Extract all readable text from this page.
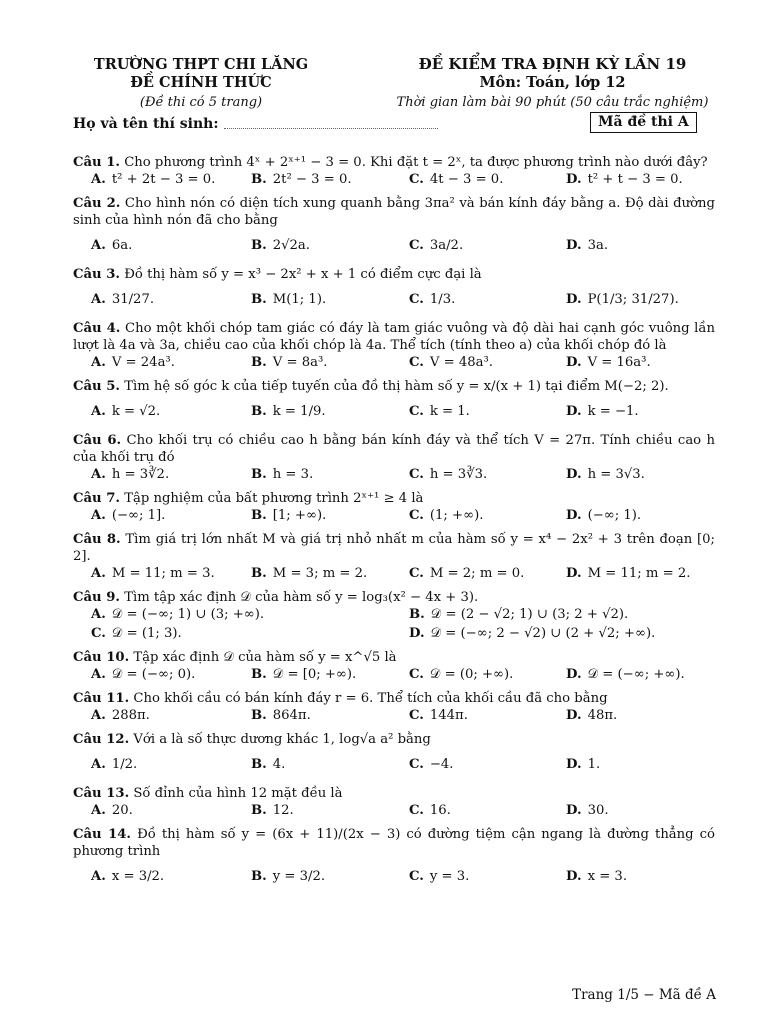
TRƯỜNG THPT CHI LĂNG
ĐỀ CHÍNH THỨC
(Đề thi có 5 trang)
ĐỀ KIỂM TRA ĐỊNH KỲ LẦN 19
Môn: Toán, lớp 12
Thời gian làm bài 90 phút (50 câu trắc nghiệm)
Họ và tên thí sinh:	Mã đề thi A
Câu 1. Cho phương trình 4ˣ + 2ˣ⁺¹ − 3 = 0. Khi đặt t = 2ˣ, ta được phương trình nào dưới đây?
A. t² + 2t − 3 = 0.	B. 2t² − 3 = 0.	C. 4t − 3 = 0.	D. t² + t − 3 = 0.
Câu 2. Cho hình nón có diện tích xung quanh bằng 3πa² và bán kính đáy bằng a. Độ dài đường sinh của hình nón đã cho bằng
A. 6a.	B. 2√2a.	C. 3a/2.	D. 3a.
Câu 3. Đồ thị hàm số y = x³ − 2x² + x + 1 có điểm cực đại là
A. 31/27.	B. M(1; 1).	C. 1/3.	D. P(1/3; 31/27).
Câu 4. Cho một khối chóp tam giác có đáy là tam giác vuông và độ dài hai cạnh góc vuông lần lượt là 4a và 3a, chiều cao của khối chóp là 4a. Thể tích (tính theo a) của khối chóp đó là
A. V = 24a³.	B. V = 8a³.	C. V = 48a³.	D. V = 16a³.
Câu 5. Tìm hệ số góc k của tiếp tuyến của đồ thị hàm số y = x/(x + 1) tại điểm M(−2; 2).
A. k = √2.	B. k = 1/9.	C. k = 1.	D. k = −1.
Câu 6. Cho khối trụ có chiều cao h bằng bán kính đáy và thể tích V = 27π. Tính chiều cao h của khối trụ đó
A. h = 3∛2.	B. h = 3.	C. h = 3∛3.	D. h = 3√3.
Câu 7. Tập nghiệm của bất phương trình 2ˣ⁺¹ ≥ 4 là
A. (−∞; 1].	B. [1; +∞).	C. (1; +∞).	D. (−∞; 1).
Câu 8. Tìm giá trị lớn nhất M và giá trị nhỏ nhất m của hàm số y = x⁴ − 2x² + 3 trên đoạn [0; 2].
A. M = 11; m = 3.	B. M = 3; m = 2.	C. M = 2; m = 0.	D. M = 11; m = 2.
Câu 9. Tìm tập xác định 𝒟 của hàm số y = log₃(x² − 4x + 3).
A. 𝒟 = (−∞; 1) ∪ (3; +∞).	B. 𝒟 = (2 − √2; 1) ∪ (3; 2 + √2).
C. 𝒟 = (1; 3).	D. 𝒟 = (−∞; 2 − √2) ∪ (2 + √2; +∞).
Câu 10. Tập xác định 𝒟 của hàm số y = x^√5 là
A. 𝒟 = (−∞; 0).	B. 𝒟 = [0; +∞).	C. 𝒟 = (0; +∞).	D. 𝒟 = (−∞; +∞).
Câu 11. Cho khối cầu có bán kính đáy r = 6. Thể tích của khối cầu đã cho bằng
A. 288π.	B. 864π.	C. 144π.	D. 48π.
Câu 12. Với a là số thực dương khác 1, log√a a² bằng
A. 1/2.	B. 4.	C. −4.	D. 1.
Câu 13. Số đỉnh của hình 12 mặt đều là
A. 20.	B. 12.	C. 16.	D. 30.
Câu 14. Đồ thị hàm số y = (6x + 11)/(2x − 3) có đường tiệm cận ngang là đường thẳng có phương trình
A. x = 3/2.	B. y = 3/2.	C. y = 3.	D. x = 3.
Trang 1/5 − Mã đề A
